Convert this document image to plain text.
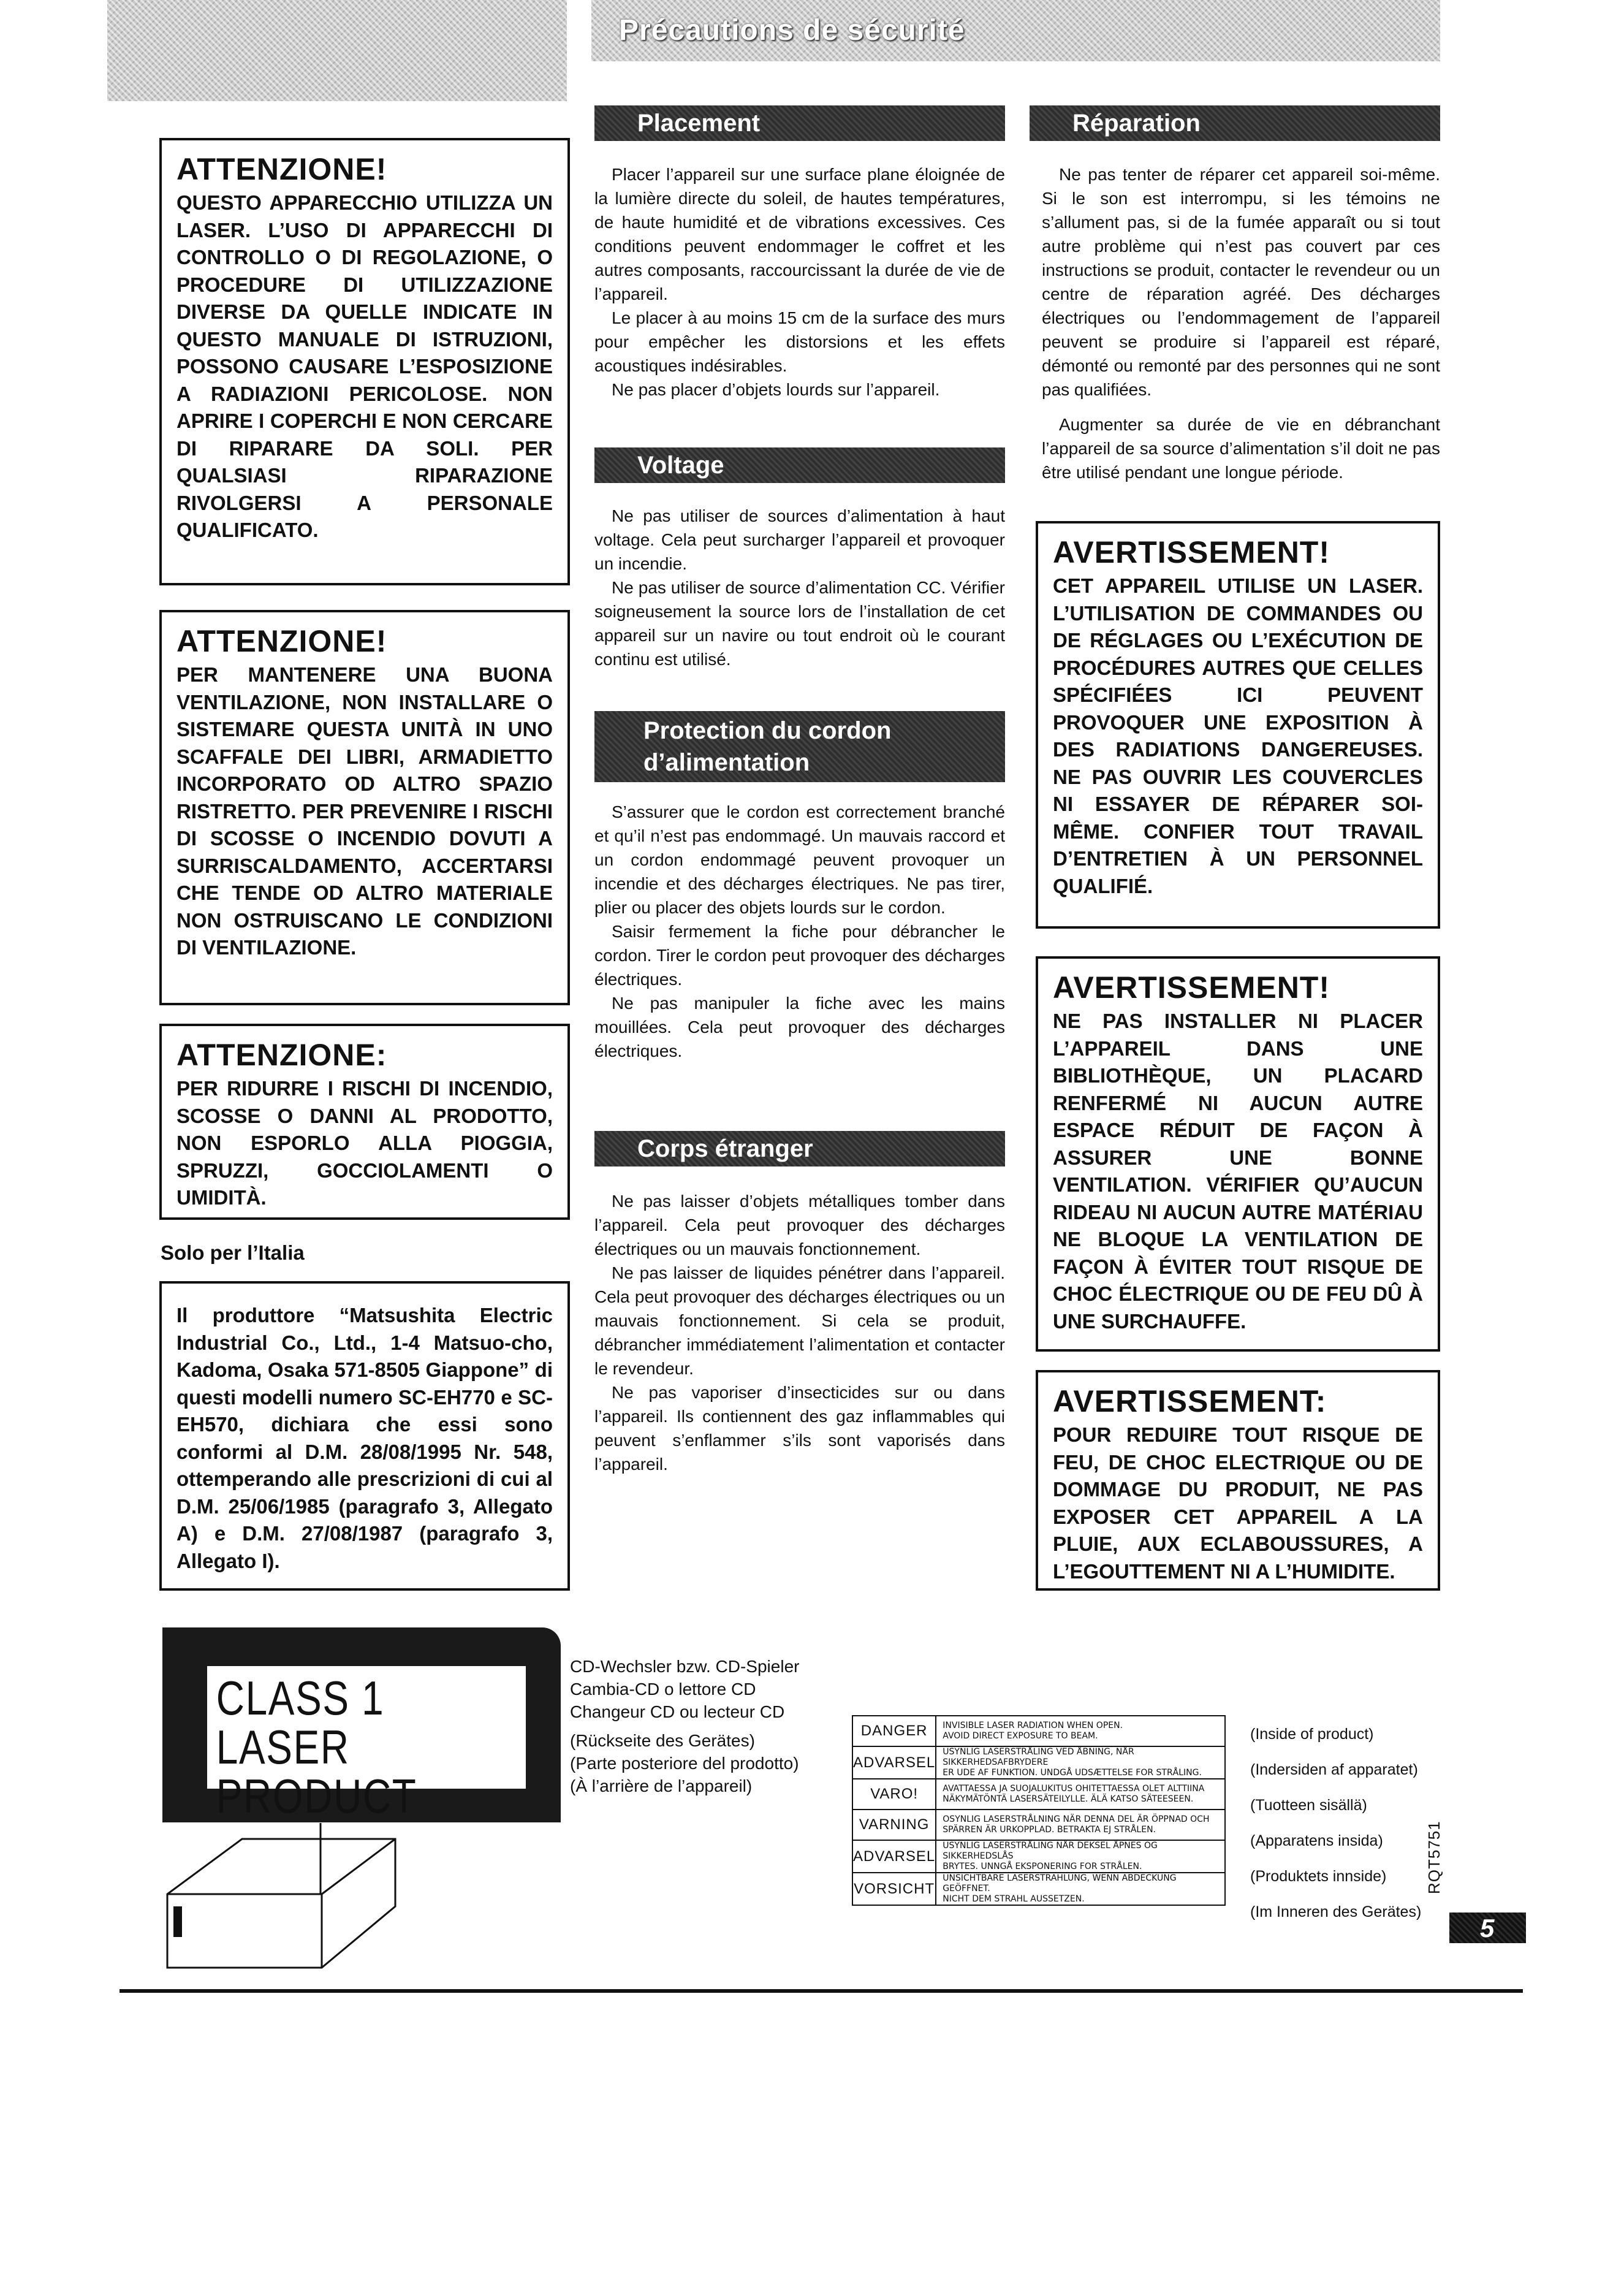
Précautions de sécurité
ATTENZIONE!

QUESTO APPARECCHIO UTILIZZA UN LASER. L’USO DI APPARECCHI DI CONTROLLO O DI REGOLAZIONE, O PROCEDURE DI UTILIZZAZIONE DIVERSE DA QUELLE INDICATE IN QUESTO MANUALE DI ISTRUZIONI, POSSONO CAUSARE L’ESPOSIZIONE A RADIAZIONI PERICOLOSE. NON APRIRE I COPERCHI E NON CERCARE DI RIPARARE DA SOLI. PER QUALSIASI RIPARAZIONE RIVOLGERSI A PERSONALE QUALIFICATO.

ATTENZIONE!

PER MANTENERE UNA BUONA VENTILAZIONE, NON INSTALLARE O SISTEMARE QUESTA UNITÀ IN UNO SCAFFALE DEI LIBRI, ARMADIETTO INCORPORATO OD ALTRO SPAZIO RISTRETTO. PER PREVENIRE I RISCHI DI SCOSSE O INCENDIO DOVUTI A SURRISCALDAMENTO, ACCERTARSI CHE TENDE OD ALTRO MATERIALE NON OSTRUISCANO LE CONDIZIONI DI VENTILAZIONE.

ATTENZIONE:

PER RIDURRE I RISCHI DI INCENDIO, SCOSSE O DANNI AL PRODOTTO, NON ESPORLO ALLA PIOGGIA, SPRUZZI, GOCCIOLAMENTI O UMIDITÀ.

Solo per l’Italia
Il produttore “Matsushita Electric Industrial Co., Ltd., 1-4 Matsuo-cho, Kadoma, Osaka 571-8505 Giappone” di questi modelli numero SC-EH770 e SC-EH570, dichiara che essi sono conformi al D.M. 28/08/1995 Nr. 548, ottemperando alle prescrizioni di cui al D.M. 25/06/1985 (paragrafo 3, Allegato A) e D.M. 27/08/1987 (paragrafo 3, Allegato I).
Placement

Placer l’appareil sur une surface plane éloignée de la lumière directe du soleil, de hautes températures, de haute humidité et de vibrations excessives. Ces conditions peuvent endommager le coffret et les autres composants, raccourcissant la durée de vie de l’appareil.

Le placer à au moins 15 cm de la surface des murs pour empêcher les distorsions et les effets acoustiques indésirables.

Ne pas placer d’objets lourds sur l’appareil.

Voltage

Ne pas utiliser de sources d’alimentation à haut voltage. Cela peut surcharger l’appareil et provoquer un incendie.

Ne pas utiliser de source d’alimentation CC. Vérifier soigneusement la source lors de l’installation de cet appareil sur un navire ou tout endroit où le courant continu est utilisé.

Protection du cordon
d’alimentation

S’assurer que le cordon est correctement branché et qu’il n’est pas endommagé. Un mauvais raccord et un cordon endommagé peuvent provoquer un incendie et des décharges électriques. Ne pas tirer, plier ou placer des objets lourds sur le cordon.

Saisir fermement la fiche pour débrancher le cordon. Tirer le cordon peut provoquer des décharges électriques.

Ne pas manipuler la fiche avec les mains mouillées. Cela peut provoquer des décharges électriques.

Corps étranger

Ne pas laisser d’objets métalliques tomber dans l’appareil. Cela peut provoquer des décharges électriques ou un mauvais fonctionnement.

Ne pas laisser de liquides pénétrer dans l’appareil. Cela peut provoquer des décharges électriques ou un mauvais fonctionnement. Si cela se produit, débrancher immédiatement l’alimentation et contacter le revendeur.

Ne pas vaporiser d’insecticides sur ou dans l’appareil. Ils contiennent des gaz inflammables qui peuvent s’enflammer s’ils sont vaporisés dans l’appareil.

Réparation

Ne pas tenter de réparer cet appareil soi-même. Si le son est interrompu, si les témoins ne s’allument pas, si de la fumée apparaît ou si tout autre problème qui n’est pas couvert par ces instructions se produit, contacter le revendeur ou un centre de réparation agréé. Des décharges électriques ou l’endommagement de l’appareil peuvent se produire si l’appareil est réparé, démonté ou remonté par des personnes qui ne sont pas qualifiées.

Augmenter sa durée de vie en débranchant l’appareil de sa source d’alimentation s’il doit ne pas être utilisé pendant une longue période.

AVERTISSEMENT!

CET APPAREIL UTILISE UN LASER. L’UTILISATION DE COMMANDES OU DE RÉGLAGES OU L’EXÉCUTION DE PROCÉDURES AUTRES QUE CELLES SPÉCIFIÉES ICI PEUVENT PROVOQUER UNE EXPOSITION À DES RADIATIONS DANGEREUSES. NE PAS OUVRIR LES COUVERCLES NI ESSAYER DE RÉPARER SOI-MÊME. CONFIER TOUT TRAVAIL D’ENTRETIEN À UN PERSONNEL QUALIFIÉ.

AVERTISSEMENT!

NE PAS INSTALLER NI PLACER L’APPAREIL DANS UNE BIBLIOTHÈQUE, UN PLACARD RENFERMÉ NI AUCUN AUTRE ESPACE RÉDUIT DE FAÇON À ASSURER UNE BONNE VENTILATION. VÉRIFIER QU’AUCUN RIDEAU NI AUCUN AUTRE MATÉRIAU NE BLOQUE LA VENTILATION DE FAÇON À ÉVITER TOUT RISQUE DE CHOC ÉLECTRIQUE OU DE FEU DÛ À UNE SURCHAUFFE.

AVERTISSEMENT:

POUR REDUIRE TOUT RISQUE DE FEU, DE CHOC ELECTRIQUE OU DE DOMMAGE DU PRODUIT, NE PAS EXPOSER CET APPAREIL A LA PLUIE, AUX ECLABOUSSURES, A L’EGOUTTEMENT NI A L’HUMIDITE.

CLASS 1
LASER PRODUCT
CD-Wechsler bzw. CD-Spieler
Cambia-CD o lettore CD
Changeur CD ou lecteur CD
(Rückseite des Gerätes)
(Parte posteriore del prodotto)
(À l’arrière de l’appareil)
DANGER	INVISIBLE LASER RADIATION WHEN OPEN.
AVOID DIRECT EXPOSURE TO BEAM.

ADVARSEL	USYNLIG LASERSTRÅLING VED ÅBNING, NÅR SIKKERHEDSAFBRYDERE
ER UDE AF FUNKTION. UNDGÅ UDSÆTTELSE FOR STRÅLING.

VARO!	AVATTAESSA JA SUOJALUKITUS OHITETTAESSA OLET ALTTIINA
NÄKYMÄTÖNTÄ LASERSÄTEILYLLE. ÄLÄ KATSO SÄTEESEEN.

VARNING	OSYNLIG LASERSTRÅLNING NÄR DENNA DEL ÄR ÖPPNAD OCH
SPÄRREN ÄR URKOPPLAD. BETRAKTA EJ STRÅLEN.

ADVARSEL	USYNLIG LASERSTRÅLING NÅR DEKSEL ÅPNES OG SIKKERHEDSLÅS
BRYTES. UNNGÅ EKSPONERING FOR STRÅLEN.

VORSICHT	UNSICHTBARE LASERSTRAHLUNG, WENN ABDECKUNG GEÖFFNET.
NICHT DEM STRAHL AUSSETZEN.
(Inside of product)
(Indersiden af apparatet)
(Tuotteen sisällä)
(Apparatens insida)
(Produktets innside)
(Im Inneren des Gerätes)
RQT5751
5
